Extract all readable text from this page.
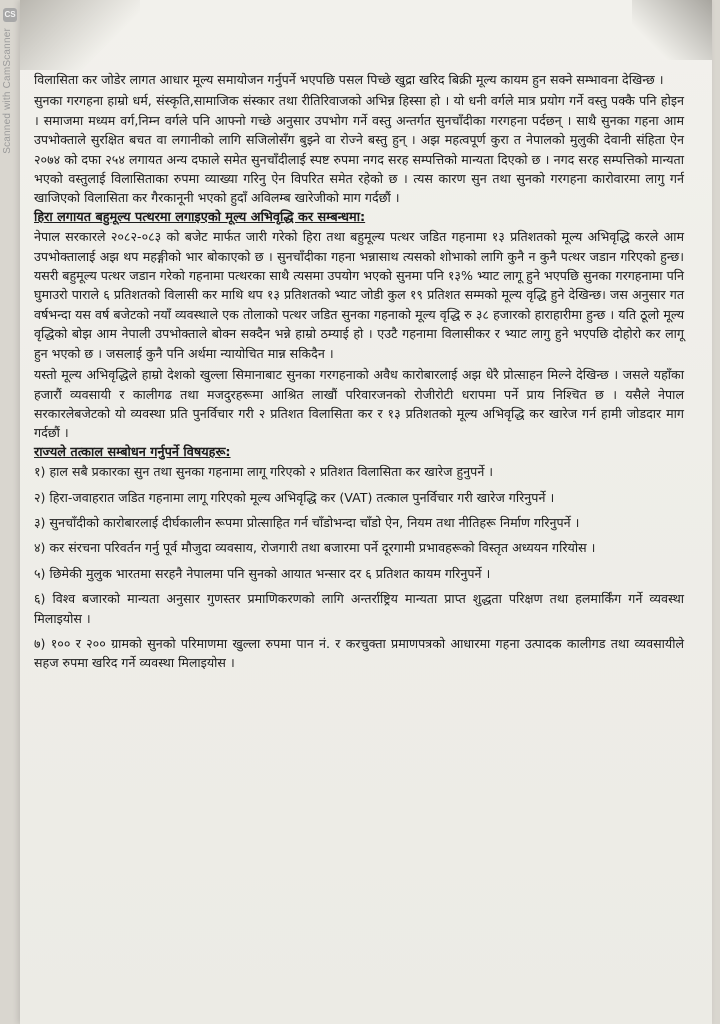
CS
Scanned with CamScanner विलासिता कर जोडेर लागत आधार मूल्य समायोजन गर्नुपर्ने भएपछि पसल पिच्छे खुद्रा खरिद बिक्री मूल्य कायम हुन सक्ने सम्भावना देखिन्छ ।

सुनका गरगहना हाम्रो धर्म, संस्कृति,सामाजिक संस्कार तथा रीतिरिवाजको अभिन्न हिस्सा हो । यो धनी वर्गले मात्र प्रयोग गर्ने वस्तु पक्कै पनि होइन । समाजमा मध्यम वर्ग,निम्न वर्गले पनि आफ्नो गच्छे अनुसार उपभोग गर्ने वस्तु अन्तर्गत सुनचाँदीका गरगहना पर्दछन् । साथै सुनका गहना आम उपभोक्ताले सुरक्षित बचत वा लगानीको लागि सजिलोसँग बुझ्ने वा रोज्ने बस्तु हुन् । अझ महत्वपूर्ण कुरा त नेपालको मुलुकी देवानी संहिता ऐन २०७४ को दफा २५४ लगायत अन्य दफाले समेत सुनचाँदीलाई स्पष्ट रुपमा नगद सरह सम्पत्तिको मान्यता दिएको छ । नगद सरह सम्पत्तिको मान्यता भएको वस्तुलाई विलासिताका रुपमा व्याख्या गरिनु ऐन विपरित समेत रहेको छ । त्यस कारण सुन तथा सुनको गरगहना कारोवारमा लागु गर्न खाजिएको विलासिता कर गैरकानूनी भएको हुदाँ अविलम्ब खारेजीको माग गर्दछौं ।

हिरा लगायत बहुमूल्य पत्थरमा लगाइएको मूल्य अभिवृद्धि कर सम्बन्धमा:

नेपाल सरकारले २०८२-०८३ को बजेट मार्फत जारी गरेको हिरा तथा बहुमूल्य पत्थर जडित गहनामा १३ प्रतिशतको मूल्य अभिवृद्धि करले आम उपभोक्तालाई अझ थप महङ्गीको भार बोकाएको छ । सुनचाँदीका गहना भन्नासाथ त्यसको शोभाको लागि कुनै न कुनै पत्थर जडान गरिएको हुन्छ।यसरी बहुमूल्य पत्थर जडान गरेको गहनामा पत्थरका साथै त्यसमा उपयोग भएको सुनमा पनि १३% भ्याट लागू हुने भएपछि सुनका गरगहनामा पनि घुमाउरो पाराले ६ प्रतिशतको विलासी कर माथि थप १३ प्रतिशतको भ्याट जोडी कुल १९ प्रतिशत सम्मको मूल्य वृद्धि हुने देखिन्छ। जस अनुसार गत वर्षभन्दा यस वर्ष बजेटको नयाँ व्यवस्थाले एक तोलाको पत्थर जडित सुनका गहनाको मूल्य वृद्धि रु ३८ हजारको हाराहारीमा हुन्छ । यति ठूलो मूल्य वृद्धिको बोझ आम नेपाली उपभोक्ताले बोक्न सक्दैन भन्ने हाम्रो ठम्याई हो । एउटै गहनामा विलासीकर र भ्याट लागु हुने भएपछि दोहोरो कर लागू हुन भएको छ । जसलाई कुनै पनि अर्थमा न्यायोचित मान्न सकिदैन ।

यस्तो मूल्य अभिवृद्धिले हाम्रो देशको खुल्ला सिमानाबाट सुनका गरगहनाको अवैध कारोबारलाई अझ धेरै प्रोत्साहन मिल्ने देखिन्छ । जसले यहाँका हजारौं व्यवसायी र कालीगढ तथा मजदुरहरूमा आश्रित लाखौं परिवारजनको रोजीरोटी धरापमा पर्ने प्राय निश्चित छ । यसैले नेपाल सरकारलेबजेटको यो व्यवस्था प्रति पुनर्विचार गरी २ प्रतिशत विलासिता कर र १३ प्रतिशतको मूल्य अभिवृद्धि कर खारेज गर्न हामी जोडदार माग गर्दछौं ।

राज्यले तत्काल सम्बोधन गर्नुपर्ने विषयहरू:

१) हाल सबै प्रकारका सुन तथा सुनका गहनामा लागू गरिएको २ प्रतिशत विलासिता कर खारेज हुनुपर्ने ।

२) हिरा-जवाहरात जडित गहनामा लागू गरिएको मूल्य अभिवृद्धि कर (VAT) तत्काल पुनर्विचार गरी खारेज गरिनुपर्ने ।

३) सुनचाँदीको कारोबारलाई दीर्घकालीन रूपमा प्रोत्साहित गर्न चाँडोभन्दा चाँडो ऐन, नियम तथा नीतिहरू निर्माण गरिनुपर्ने ।

४) कर संरचना परिवर्तन गर्नु पूर्व मौजुदा व्यवसाय, रोजगारी तथा बजारमा पर्ने दूरगामी प्रभावहरूको विस्तृत अध्ययन गरियोस ।

५) छिमेकी मुलुक भारतमा सरहनै नेपालमा पनि सुनको आयात भन्सार दर ६ प्रतिशत कायम गरिनुपर्ने ।

६) विश्व बजारको मान्यता अनुसार गुणस्तर प्रमाणिकरणको लागि अन्तर्राष्ट्रिय मान्यता प्राप्त शुद्धता परिक्षण तथा हलमार्किंग गर्ने व्यवस्था मिलाइयोस ।

७) १०० र २०० ग्रामको सुनको परिमाणमा खुल्ला रुपमा पान नं. र करचुक्ता प्रमाणपत्रको आधारमा गहना उत्पादक कालीगड तथा व्यवसायीले सहज रुपमा खरिद गर्ने व्यवस्था मिलाइयोस ।
